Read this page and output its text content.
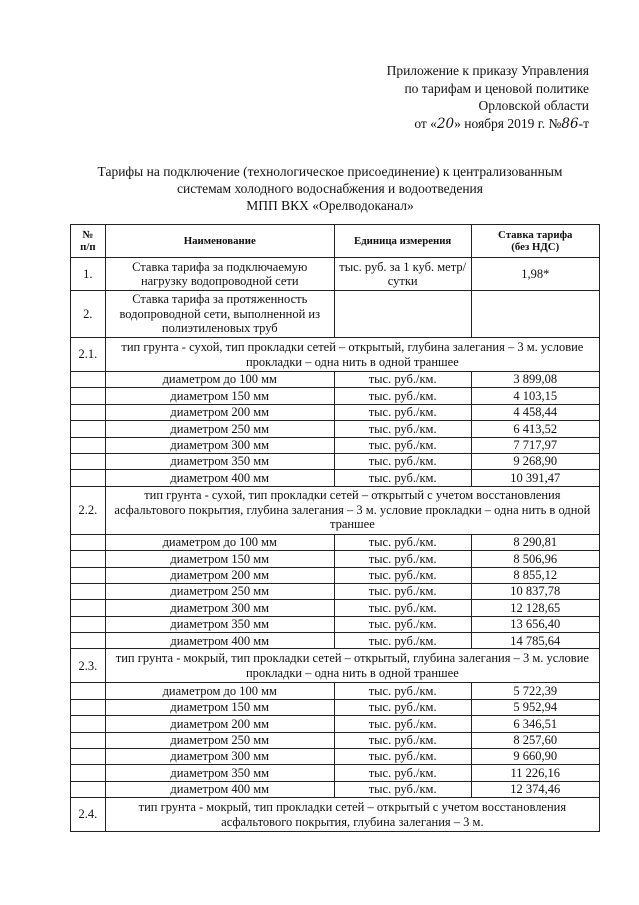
Приложение к приказу Управления
по тарифам и ценовой политике
Орловской области
от «20» ноября 2019 г. №86-т
Тарифы на подключение (технологическое присоединение) к централизованным
системам холодного водоснабжения и водоотведения
МПП ВКХ «Орелводоканал»
№
п/п	Наименование	Единица измерения	Ставка тарифа
(без НДС)
1.	Ставка тарифа за подключаемую нагрузку водопроводной сети	тыс. руб. за 1 куб. метр/сутки	1,98*
2.	Ставка тарифа за протяженность водопроводной сети, выполненной из полиэтиленовых труб		
2.1.	тип грунта - сухой, тип прокладки сетей – открытый, глубина залегания – 3 м. условие прокладки – одна нить в одной траншее		
	диаметром до 100 мм	тыс. руб./км.	3 899,08
	диаметром 150 мм	тыс. руб./км.	4 103,15
	диаметром 200 мм	тыс. руб./км.	4 458,44
	диаметром 250 мм	тыс. руб./км.	6 413,52
	диаметром 300 мм	тыс. руб./км.	7 717,97
	диаметром 350 мм	тыс. руб./км.	9 268,90
	диаметром 400 мм	тыс. руб./км.	10 391,47
2.2.	тип грунта - сухой, тип прокладки сетей – открытый с учетом восстановления асфальтового покрытия, глубина залегания – 3 м. условие прокладки – одна нить в одной траншее		
	диаметром до 100 мм	тыс. руб./км.	8 290,81
	диаметром 150 мм	тыс. руб./км.	8 506,96
	диаметром 200 мм	тыс. руб./км.	8 855,12
	диаметром 250 мм	тыс. руб./км.	10 837,78
	диаметром 300 мм	тыс. руб./км.	12 128,65
	диаметром 350 мм	тыс. руб./км.	13 656,40
	диаметром 400 мм	тыс. руб./км.	14 785,64
2.3.	тип грунта - мокрый, тип прокладки сетей – открытый, глубина залегания – 3 м. условие прокладки – одна нить в одной траншее		
	диаметром до 100 мм	тыс. руб./км.	5 722,39
	диаметром 150 мм	тыс. руб./км.	5 952,94
	диаметром 200 мм	тыс. руб./км.	6 346,51
	диаметром 250 мм	тыс. руб./км.	8 257,60
	диаметром 300 мм	тыс. руб./км.	9 660,90
	диаметром 350 мм	тыс. руб./км.	11 226,16
	диаметром 400 мм	тыс. руб./км.	12 374,46
2.4.	тип грунта - мокрый, тип прокладки сетей – открытый с учетом восстановления асфальтового покрытия, глубина залегания – 3 м.		
